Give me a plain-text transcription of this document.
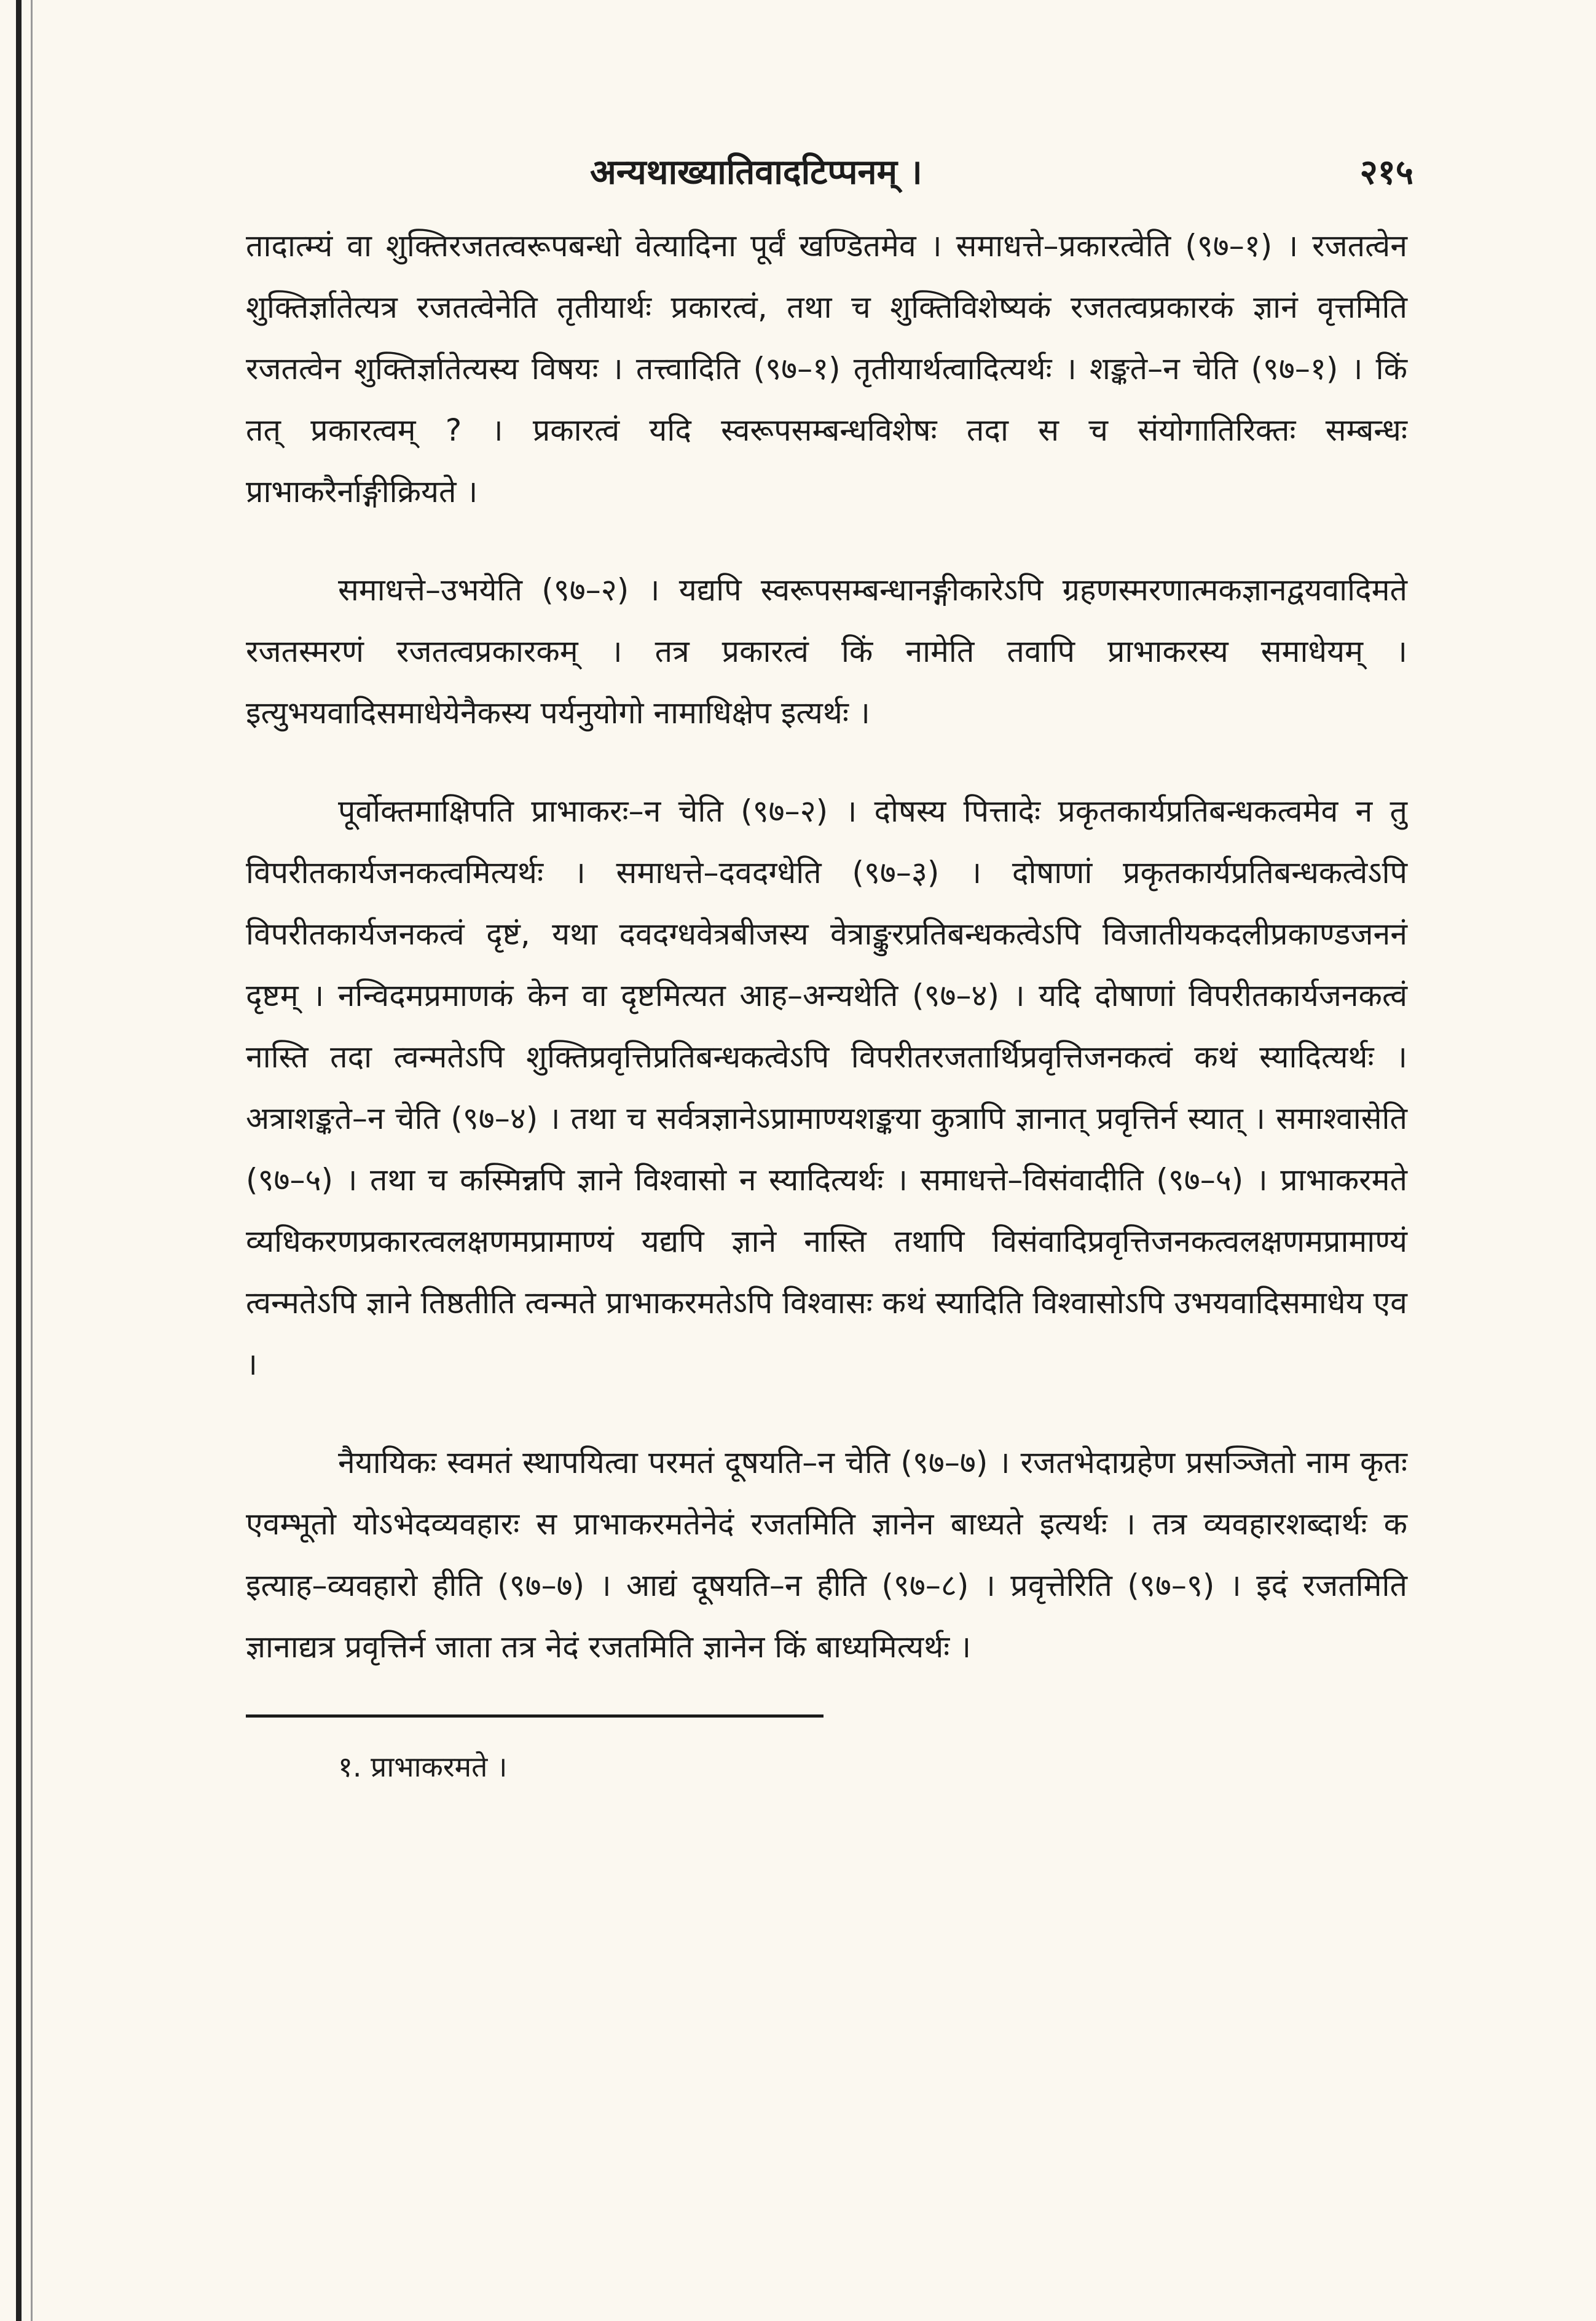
अन्यथाख्यातिवादटिप्पनम् ।	२१५

तादात्म्यं वा शुक्तिरजतत्वरूपबन्धो वेत्यादिना पूर्वं खण्डितमेव । समाधत्ते–प्रकारत्वेति (९७–१) । रजतत्वेन शुक्तिर्ज्ञातेत्यत्र रजतत्वेनेति तृतीयार्थः प्रकारत्वं, तथा च शुक्तिविशेष्यकं रजतत्वप्रकारकं ज्ञानं वृत्तमिति रजतत्वेन शुक्तिर्ज्ञातेत्यस्य विषयः । तत्त्वादिति (९७–१) तृतीयार्थत्वादित्यर्थः । शङ्कते–न चेति (९७–१) । किं तत् प्रकारत्वम् ? । प्रकारत्वं यदि स्वरूपसम्बन्धविशेषः तदा स च संयोगातिरिक्तः सम्बन्धः प्राभाकरैर्नाङ्गीक्रियते ।

समाधत्ते–उभयेति (९७–२) । यद्यपि स्वरूपसम्बन्धानङ्गीकारेऽपि ग्रहणस्मरणात्मकज्ञानद्वयवादिमते रजतस्मरणं रजतत्वप्रकारकम् । तत्र प्रकारत्वं किं नामेति तवापि प्राभाकरस्य समाधेयम् । इत्युभयवादिसमाधेयेनैकस्य पर्यनुयोगो नामाधिक्षेप इत्यर्थः ।

पूर्वोक्तमाक्षिपति प्राभाकरः–न चेति (९७–२) । दोषस्य पित्तादेः प्रकृतकार्यप्रतिबन्धकत्वमेव न तु विपरीतकार्यजनकत्वमित्यर्थः । समाधत्ते–दवदग्धेति (९७–३) । दोषाणां प्रकृतकार्यप्रतिबन्धकत्वेऽपि विपरीतकार्यजनकत्वं दृष्टं, यथा दवदग्धवेत्रबीजस्य वेत्राङ्कुरप्रतिबन्धकत्वेऽपि विजातीयकदलीप्रकाण्डजननं दृष्टम् । नन्विदमप्रमाणकं केन वा दृष्टमित्यत आह–अन्यथेति (९७–४) । यदि दोषाणां विपरीतकार्यजनकत्वं नास्ति तदा त्वन्मतेऽपि शुक्तिप्रवृत्तिप्रतिबन्धकत्वेऽपि विपरीतरजतार्थिप्रवृत्तिजनकत्वं कथं स्यादित्यर्थः । अत्राशङ्कते–न चेति (९७–४) । तथा च सर्वत्रज्ञानेऽप्रामाण्यशङ्कया कुत्रापि ज्ञानात् प्रवृत्तिर्न स्यात् । समाश्वासेति (९७–५) । तथा च कस्मिन्नपि ज्ञाने विश्वासो न स्यादित्यर्थः । समाधत्ते–विसंवादीति (९७–५) । प्राभाकरमते व्यधिकरणप्रकारत्वलक्षणमप्रामाण्यं यद्यपि ज्ञाने नास्ति तथापि विसंवादिप्रवृत्तिजनकत्वलक्षणमप्रामाण्यं त्वन्मतेऽपि ज्ञाने तिष्ठतीति त्वन्मते प्राभाकरमतेऽपि विश्वासः कथं स्यादिति विश्वासोऽपि उभयवादिसमाधेय एव ।

नैयायिकः स्वमतं स्थापयित्वा परमतं दूषयति–न चेति (९७–७) । रजतभेदाग्रहेण प्रसञ्जितो नाम कृतः एवम्भूतो योऽभेदव्यवहारः स प्राभाकरमतेनेदं रजतमिति ज्ञानेन बाध्यते इत्यर्थः । तत्र व्यवहारशब्दार्थः क इत्याह–व्यवहारो हीति (९७–७) । आद्यं दूषयति–न हीति (९७–८) । प्रवृत्तेरिति (९७–९) । इदं रजतमिति ज्ञानाद्यत्र प्रवृत्तिर्न जाता तत्र नेदं रजतमिति ज्ञानेन किं बाध्यमित्यर्थः ।

१. प्राभाकरमते ।
